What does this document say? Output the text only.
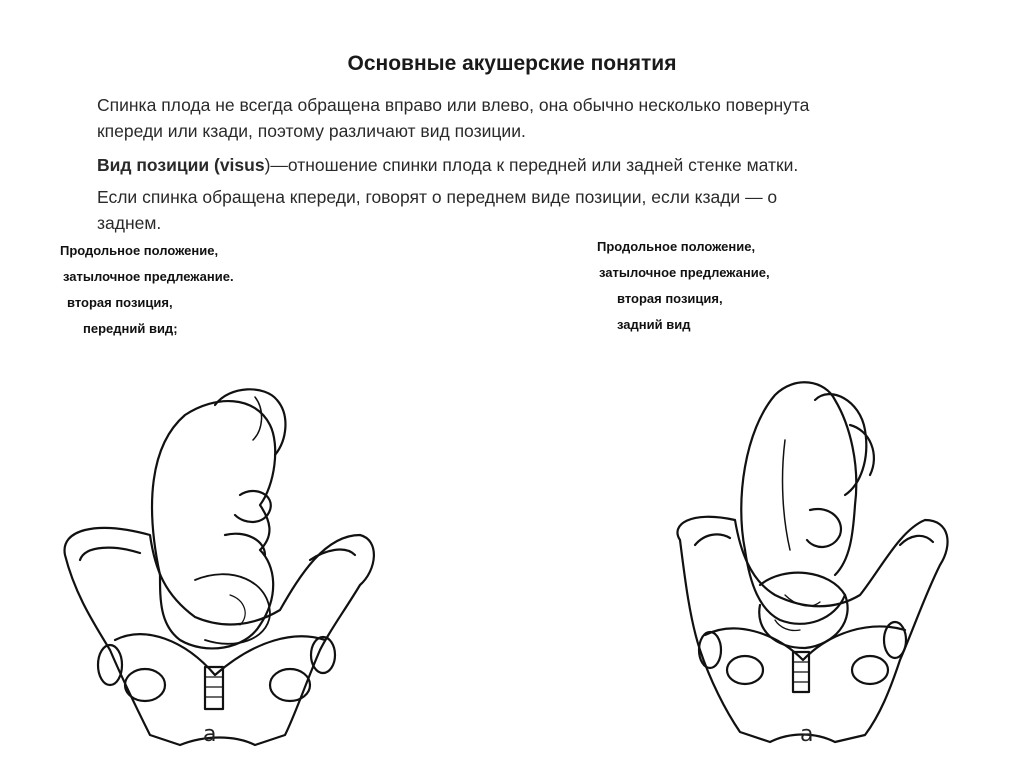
Основные акушерские понятия

Спинка плода не всегда обращена вправо или влево, она обычно несколько повернута
кпереди или кзади, поэтому различают вид позиции.

Вид позиции (visus)—отношение спинки плода к передней или задней стенке матки.

Если спинка обращена кпереди, говорят о переднем виде позиции, если кзади — о
заднем.

Продольное положение,
затылочное предлежание.
вторая позиция,
передний вид;
Продольное положение,
затылочное предлежание,
вторая позиция,
задний вид
a	a
